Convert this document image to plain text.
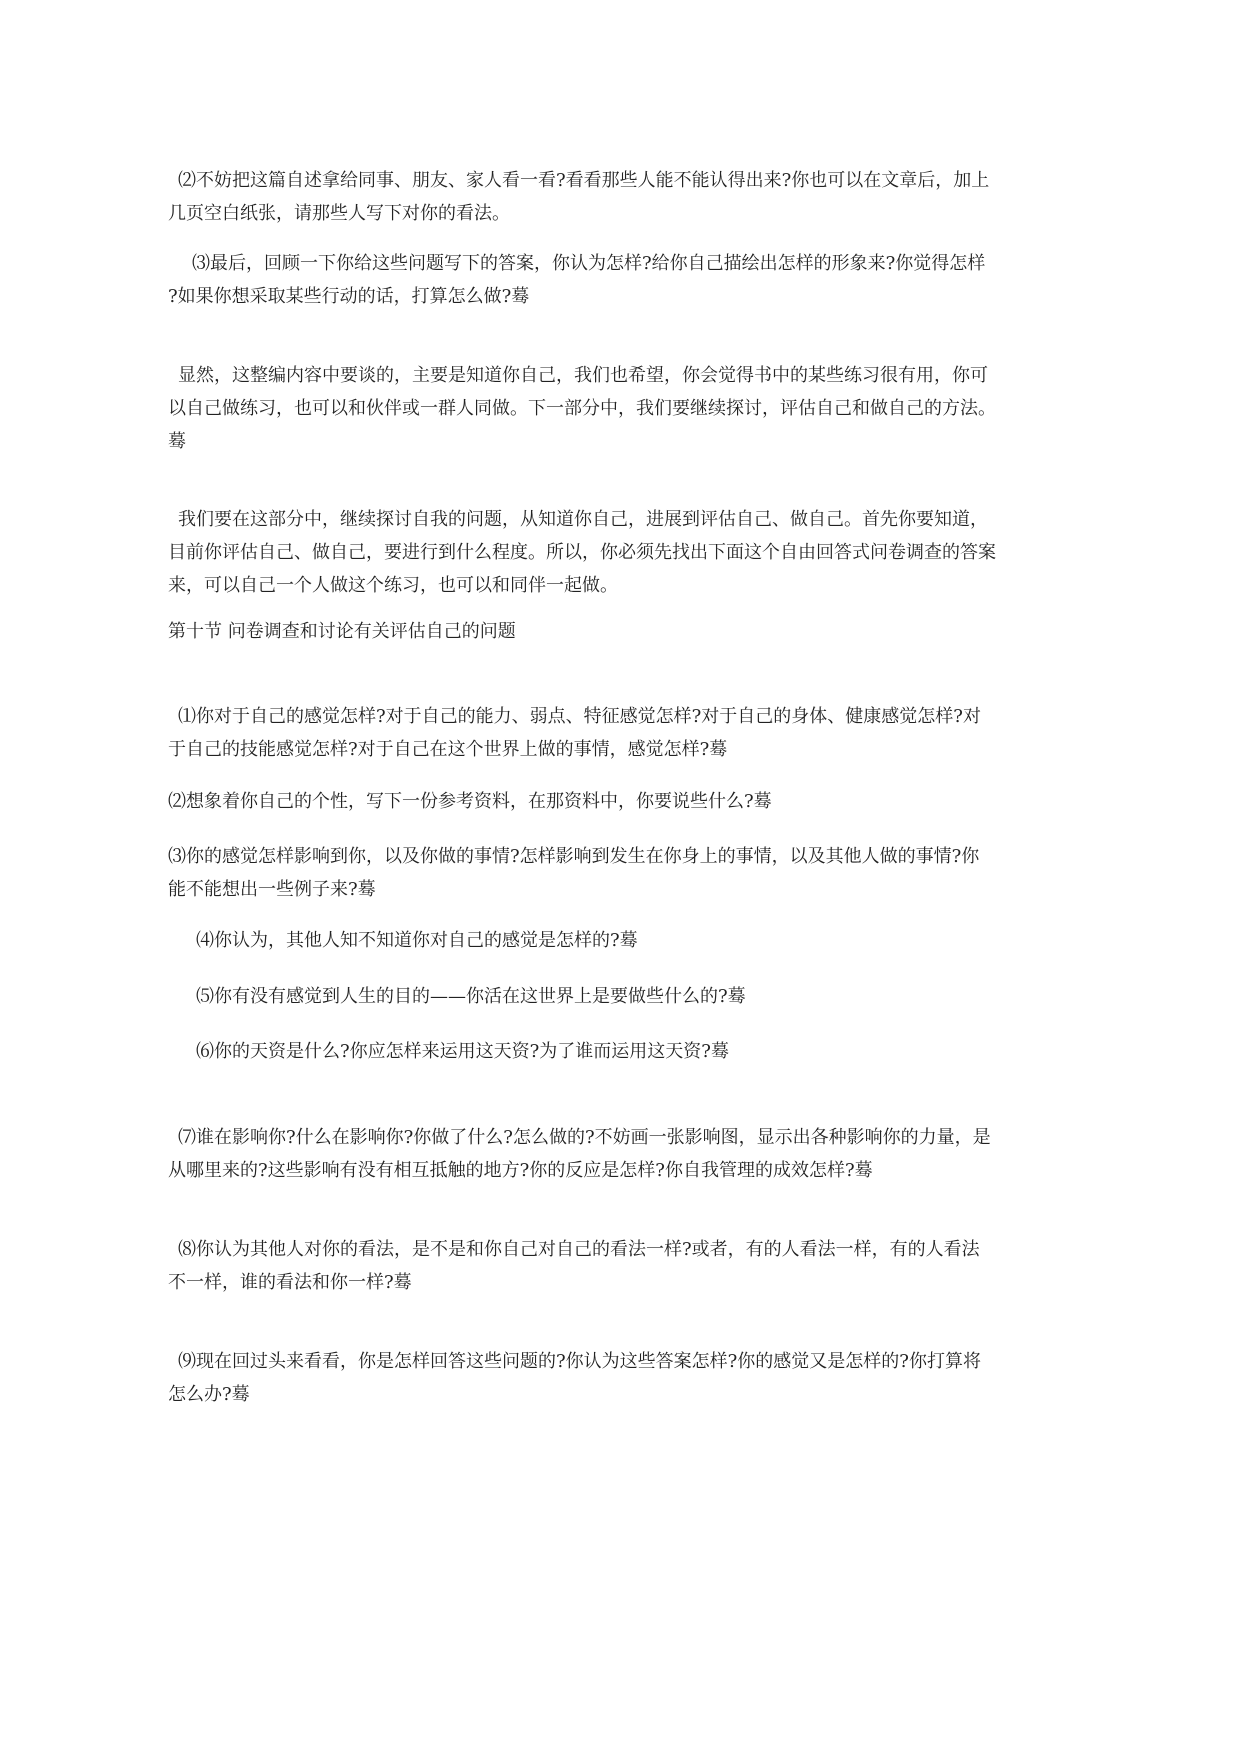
⑵不妨把这篇自述拿给同事、朋友、家人看一看?看看那些人能不能认得出来?你也可以在文章后，加上
几页空白纸张，请那些人写下对你的看法。
⑶最后，回顾一下你给这些问题写下的答案，你认为怎样?给你自己描绘出怎样的形象来?你觉得怎样
?如果你想采取某些行动的话，打算怎么做?蓦
显然，这整编内容中要谈的，主要是知道你自己，我们也希望，你会觉得书中的某些练习很有用，你可
以自己做练习，也可以和伙伴或一群人同做。下一部分中，我们要继续探讨，评估自己和做自己的方法。
蓦
我们要在这部分中，继续探讨自我的问题，从知道你自己，进展到评估自己、做自己。首先你要知道，
目前你评估自己、做自己，要进行到什么程度。所以，你必须先找出下面这个自由回答式问卷调查的答案
来，可以自己一个人做这个练习，也可以和同伴一起做。
第十节 问卷调查和讨论有关评估自己的问题
⑴你对于自己的感觉怎样?对于自己的能力、弱点、特征感觉怎样?对于自己的身体、健康感觉怎样?对
于自己的技能感觉怎样?对于自己在这个世界上做的事情，感觉怎样?蓦
⑵想象着你自己的个性，写下一份参考资料，在那资料中，你要说些什么?蓦
⑶你的感觉怎样影响到你，以及你做的事情?怎样影响到发生在你身上的事情，以及其他人做的事情?你
能不能想出一些例子来?蓦
⑷你认为，其他人知不知道你对自己的感觉是怎样的?蓦
⑸你有没有感觉到人生的目的——你活在这世界上是要做些什么的?蓦
⑹你的天资是什么?你应怎样来运用这天资?为了谁而运用这天资?蓦
⑺谁在影响你?什么在影响你?你做了什么?怎么做的?不妨画一张影响图，显示出各种影响你的力量，是
从哪里来的?这些影响有没有相互抵触的地方?你的反应是怎样?你自我管理的成效怎样?蓦
⑻你认为其他人对你的看法，是不是和你自己对自己的看法一样?或者，有的人看法一样，有的人看法
不一样，谁的看法和你一样?蓦
⑼现在回过头来看看，你是怎样回答这些问题的?你认为这些答案怎样?你的感觉又是怎样的?你打算将
怎么办?蓦
